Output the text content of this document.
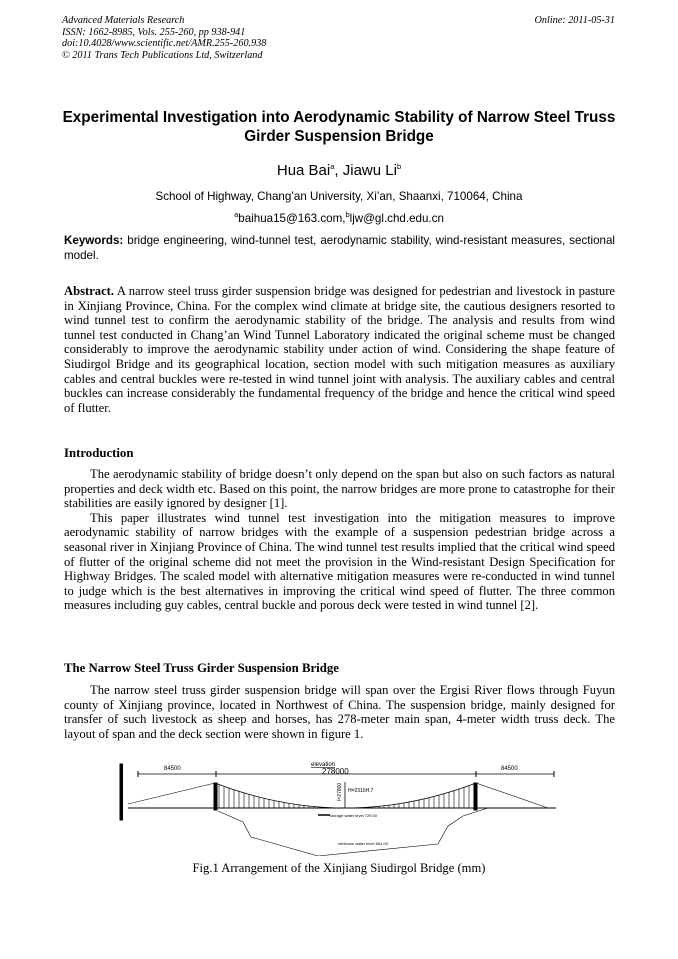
Advanced Materials Research
ISSN: 1662-8985, Vols. 255-260, pp 938-941
doi:10.4028/www.scientific.net/AMR.255-260.938
© 2011 Trans Tech Publications Ltd, Switzerland
Online: 2011-05-31
Experimental Investigation into Aerodynamic Stability of Narrow Steel Truss Girder Suspension Bridge
Hua Bai$^a$, Jiawu Li$^b$
School of Highway, Chang’an University, Xi’an, Shaanxi, 710064, China
$^a$baihua15@163.com,$^b$ljw@gl.chd.edu.cn
Keywords: bridge engineering, wind-tunnel test, aerodynamic stability, wind-resistant measures, sectional model.

Abstract. A narrow steel truss girder suspension bridge was designed for pedestrian and livestock in pasture in Xinjiang Province, China. For the complex wind climate at bridge site, the cautious designers resorted to wind tunnel test to confirm the aerodynamic stability of the bridge. The analysis and results from wind tunnel test conducted in Chang’an Wind Tunnel Laboratory indicated the original scheme must be changed considerably to improve the aerodynamic stability under action of wind. Considering the shape feature of Siudirgol Bridge and its geographical location, section model with such mitigation measures as auxiliary cables and central buckles were re-tested in wind tunnel joint with analysis. The auxiliary cables and central buckles can increase considerably the fundamental frequency of the bridge and hence the critical wind speed of flutter.

Introduction

The aerodynamic stability of bridge doesn’t only depend on the span but also on such factors as natural properties and deck width etc. Based on this point, the narrow bridges are more prone to catastrophe for their stabilities are easily ignored by designer [1].

This paper illustrates wind tunnel test investigation into the mitigation measures to improve aerodynamic stability of narrow bridges with the example of a suspension pedestrian bridge across a seasonal river in Xinjiang Province of China. The wind tunnel test results implied that the critical wind speed of flutter of the original scheme did not meet the provision in the Wind-resistant Design Specification for Highway Bridges. The scaled model with alternative mitigation measures were re-conducted in wind tunnel to judge which is the best alternatives in improving the critical wind speed of flutter. The three common measures including guy cables, central buckle and porous deck were tested in wind tunnel [2].

The Narrow Steel Truss Girder Suspension Bridge

The narrow steel truss girder suspension bridge will span over the Ergisi River flows through Fuyun county of Xinjiang province, located in Northwest of China. The suspension bridge, mainly designed for transfer of such livestock as sheep and horses, has 278-meter main span, 4-meter width truss deck. The layout of span and the deck section were shown in figure 1.

elevation
84500	278000	84500
f=27800 H=2316H.7
storage water level 729.00
minimum water level 681.00
Fig.1 Arrangement of the Xinjiang Siudirgol Bridge (mm)
